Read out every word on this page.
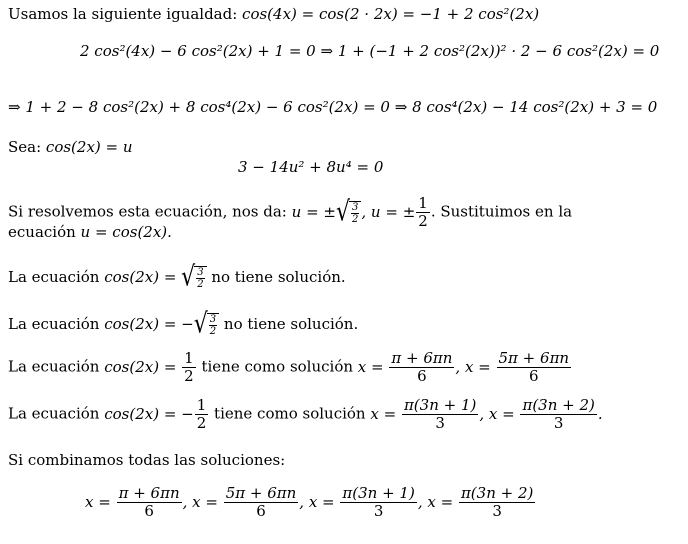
Usamos la siguiente igualdad: cos(4x) = cos(2 · 2x) = −1 + 2 cos²(2x)
2 cos²(4x) − 6 cos²(2x) + 1 = 0 ⇒ 1 + (−1 + 2 cos²(2x))² · 2 − 6 cos²(2x) = 0
⇒ 1 + 2 − 8 cos²(2x) + 8 cos⁴(2x) − 6 cos²(2x) = 0 ⇒ 8 cos⁴(2x) − 14 cos²(2x) + 3 = 0
Sea: cos(2x) = u
3 − 14u² + 8u⁴ = 0
Si resolvemos esta ecuación, nos da: u = ± √ $\frac{3}{2}$ , u = ± $\frac{1}{2}$ . Sustituimos en la
ecuación u = cos(2x).
La ecuación cos(2x) = √ $\frac{3}{2}$ no tiene solución.
La ecuación cos(2x) = − √ $\frac{3}{2}$ no tiene solución.
La ecuación $\cos(2x) = \frac{1}{2}$ tiene como solución $x = \frac{\pi + 6\pi n}{6}$ , $x = \frac{5\pi + 6\pi n}{6}$
La ecuación cos(2x) = − $\frac{1}{2}$ tiene como solución $x = \frac{\pi(3n + 1)}{3}$ , $x = \frac{\pi(3n + 2)}{3}$ .
Si combinamos todas las soluciones:
$x = \frac{\pi + 6\pi n}{6}$ , $x = \frac{5\pi + 6\pi n}{6}$ , $x = \frac{\pi(3n + 1)}{3}$ , $x = \frac{\pi(3n + 2)}{3}$
